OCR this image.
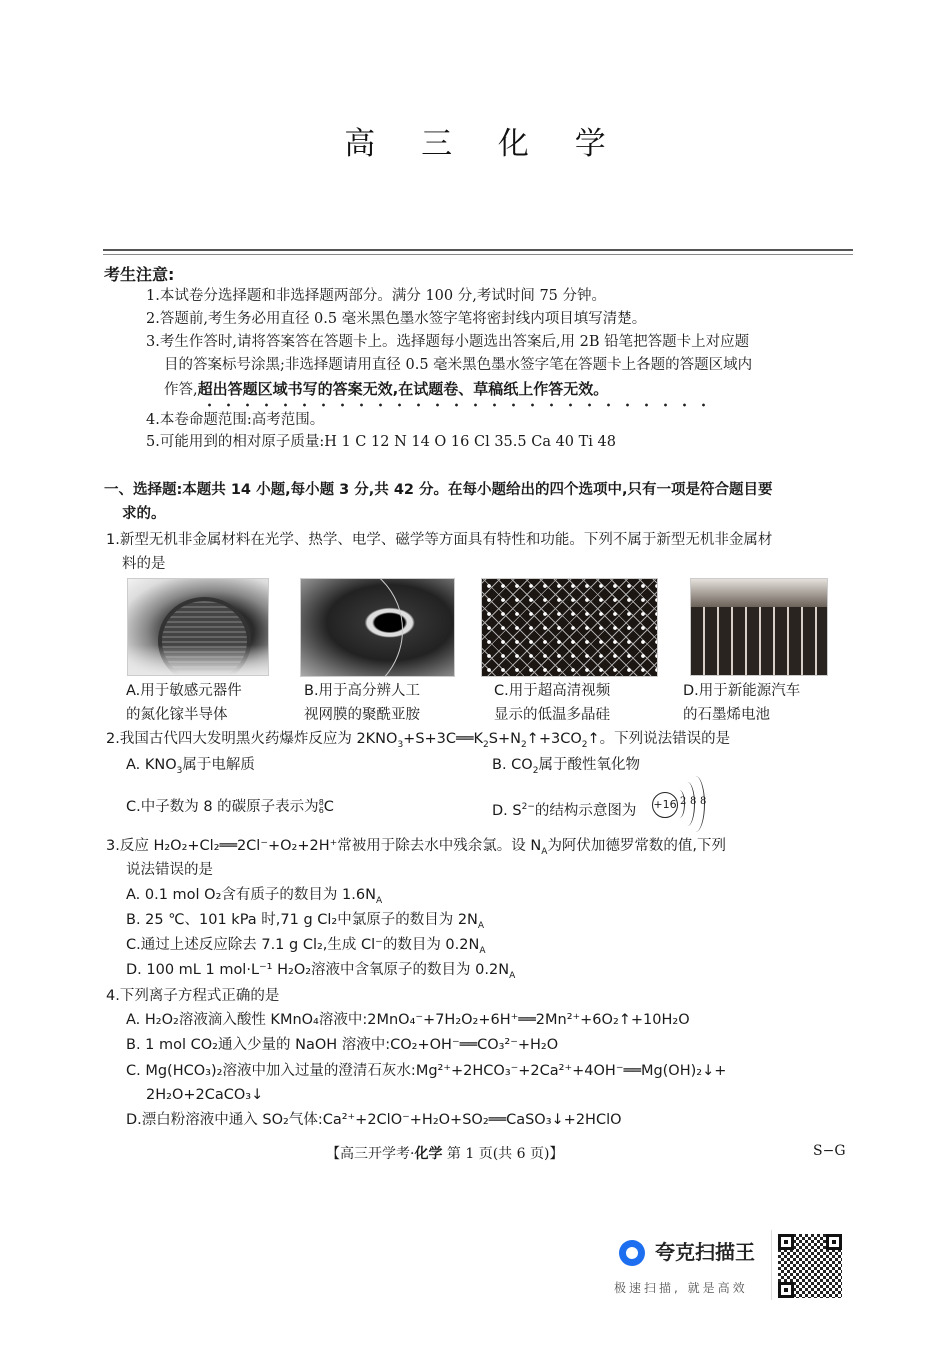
高 三 化 学
考生注意:
1.本试卷分选择题和非选择题两部分。满分 100 分,考试时间 75 分钟。
2.答题前,考生务必用直径 0.5 毫米黑色墨水签字笔将密封线内项目填写清楚。
3.考生作答时,请将答案答在答题卡上。选择题每小题选出答案后,用 2B 铅笔把答题卡上对应题
目的答案标号涂黑;非选择题请用直径 0.5 毫米黑色墨水签字笔在答题卡上各题的答题区域内
作答,超出答题区域书写的答案无效,在试题卷、草稿纸上作答无效。
4.本卷命题范围:高考范围。
5.可能用到的相对原子质量:H 1 C 12 N 14 O 16 Cl 35.5 Ca 40 Ti 48
一、选择题:本题共 14 小题,每小题 3 分,共 42 分。在每小题给出的四个选项中,只有一项是符合题目要
求的。
1.新型无机非金属材料在光学、热学、电学、磁学等方面具有特性和功能。下列不属于新型无机非金属材
料的是
A.用于敏感元器件
的氮化镓半导体
B.用于高分辨人工
视网膜的聚酰亚胺
C.用于超高清视频
显示的低温多晶硅
D.用于新能源汽车
的石墨烯电池
2.我国古代四大发明黑火药爆炸反应为 $2KNO_3+S+3C══K_2S+N_2↑+3CO_2↑$。下列说法错误的是
A. $KNO_3$属于电解质	B. $CO_2$属于酸性氧化物
C.中子数为 8 的碳原子表示为 8
6 C	D. $S^{2-}$的结构示意图为 +16 2 8 8
3.反应 H₂O₂+Cl₂══2Cl⁻+O₂+2H⁺常被用于除去水中残余氯。设 $N_A$为阿伏加德罗常数的值,下列
说法错误的是
A. 0.1 mol O₂含有质子的数目为 $1.6N_A$
B. 25 ℃、101 kPa 时,71 g Cl₂中氯原子的数目为 $2N_A$
C.通过上述反应除去 7.1 g Cl₂,生成 Cl⁻的数目为 $0.2N_A$
D. 100 mL 1 mol·L⁻¹ H₂O₂溶液中含氧原子的数目为 $0.2N_A$
4.下列离子方程式正确的是
A. H₂O₂溶液滴入酸性 KMnO₄溶液中:2MnO₄⁻+7H₂O₂+6H⁺══2Mn²⁺+6O₂↑+10H₂O
B. 1 mol CO₂通入少量的 NaOH 溶液中:CO₂+OH⁻══CO₃²⁻+H₂O
C. Mg(HCO₃)₂溶液中加入过量的澄清石灰水:Mg²⁺+2HCO₃⁻+2Ca²⁺+4OH⁻══Mg(OH)₂↓+
2H₂O+2CaCO₃↓
D.漂白粉溶液中通入 SO₂气体:Ca²⁺+2ClO⁻+H₂O+SO₂══CaSO₃↓+2HClO
【高三开学考·化学 第 1 页(共 6 页)】	S−G
夸克扫描王
极速扫描, 就是高效
